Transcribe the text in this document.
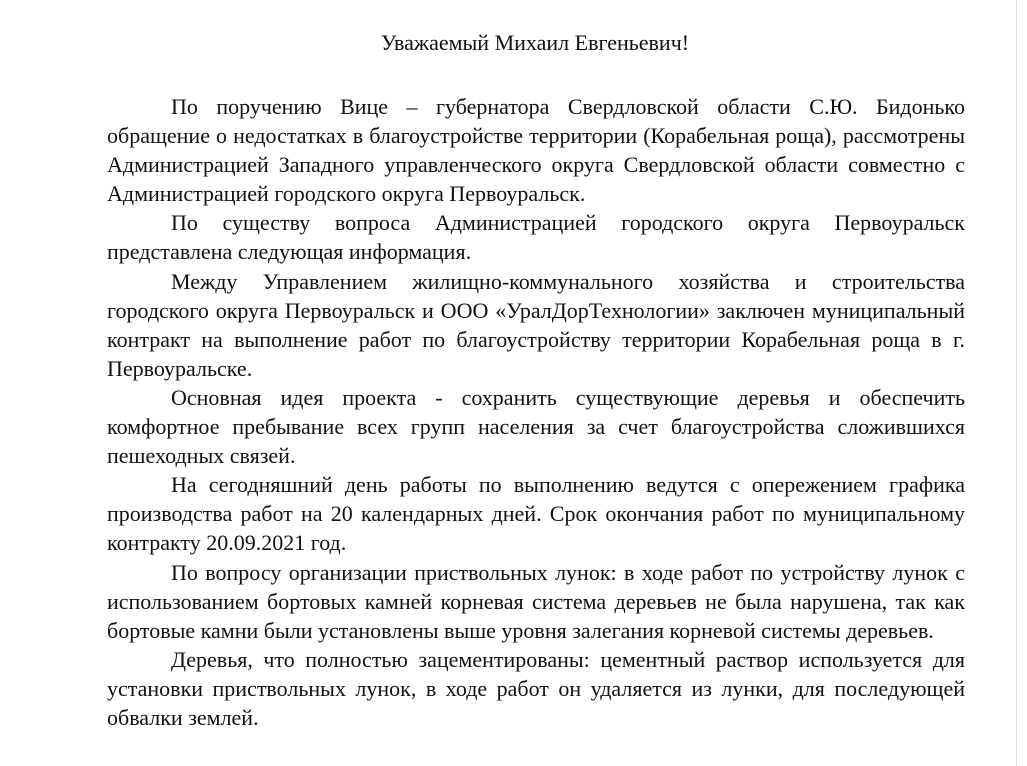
Уважаемый Михаил Евгеньевич!

По поручению Вице – губернатора Свердловской области С.Ю. Бидонько обращение о недостатках в благоустройстве территории (Корабельная роща), рассмотрены Администрацией Западного управленческого округа Свердловской области совместно с Администрацией городского округа Первоуральск.

По существу вопроса Администрацией городского округа Первоуральск представлена следующая информация.

Между Управлением жилищно-коммунального хозяйства и строительства городского округа Первоуральск и ООО «УралДорТехнологии» заключен муниципальный контракт на выполнение работ по благоустройству территории Корабельная роща в г. Первоуральске.

Основная идея проекта - сохранить существующие деревья и обеспечить комфортное пребывание всех групп населения за счет благоустройства сложившихся пешеходных связей.

На сегодняшний день работы по выполнению ведутся с опережением графика производства работ на 20 календарных дней. Срок окончания работ по муниципальному контракту 20.09.2021 год.

По вопросу организации приствольных лунок: в ходе работ по устройству лунок с использованием бортовых камней корневая система деревьев не была нарушена, так как бортовые камни были установлены выше уровня залегания корневой системы деревьев.

Деревья, что полностью зацементированы: цементный раствор используется для установки приствольных лунок, в ходе работ он удаляется из лунки, для последующей обвалки землей.
